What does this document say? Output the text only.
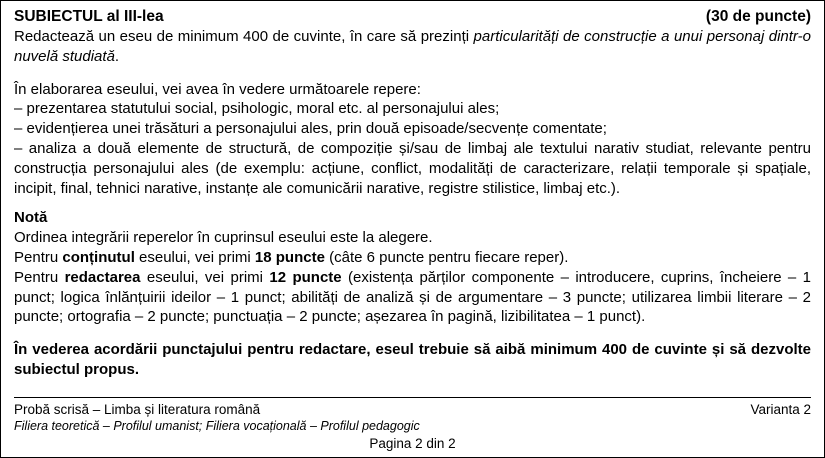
SUBIECTUL al III-lea	(30 de puncte)

Redactează un eseu de minimum 400 de cuvinte, în care să prezinți particularități de construcție a unui personaj dintr-o nuvelă studiată.

În elaborarea eseului, vei avea în vedere următoarele repere:

– prezentarea statutului social, psihologic, moral etc. al personajului ales;

– evidențierea unei trăsături a personajului ales, prin două episoade/secvențe comentate;

– analiza a două elemente de structură, de compoziție și/sau de limbaj ale textului narativ studiat, relevante pentru construcția personajului ales (de exemplu: acțiune, conflict, modalități de caracterizare, relații temporale și spațiale, incipit, final, tehnici narative, instanțe ale comunicării narative, registre stilistice, limbaj etc.).

Notă

Ordinea integrării reperelor în cuprinsul eseului este la alegere.

Pentru conținutul eseului, vei primi 18 puncte (câte 6 puncte pentru fiecare reper).

Pentru redactarea eseului, vei primi 12 puncte (existența părților componente – introducere, cuprins, încheiere – 1 punct; logica înlănțuirii ideilor – 1 punct; abilități de analiză și de argumentare – 3 puncte; utilizarea limbii literare – 2 puncte; ortografia – 2 puncte; punctuația – 2 puncte; așezarea în pagină, lizibilitatea – 1 punct).

În vederea acordării punctajului pentru redactare, eseul trebuie să aibă minimum 400 de cuvinte și să dezvolte subiectul propus.

Probă scrisă – Limba și literatura română	Varianta 2
Filiera teoretică – Profilul umanist; Filiera vocațională – Profilul pedagogic
Pagina 2 din 2
